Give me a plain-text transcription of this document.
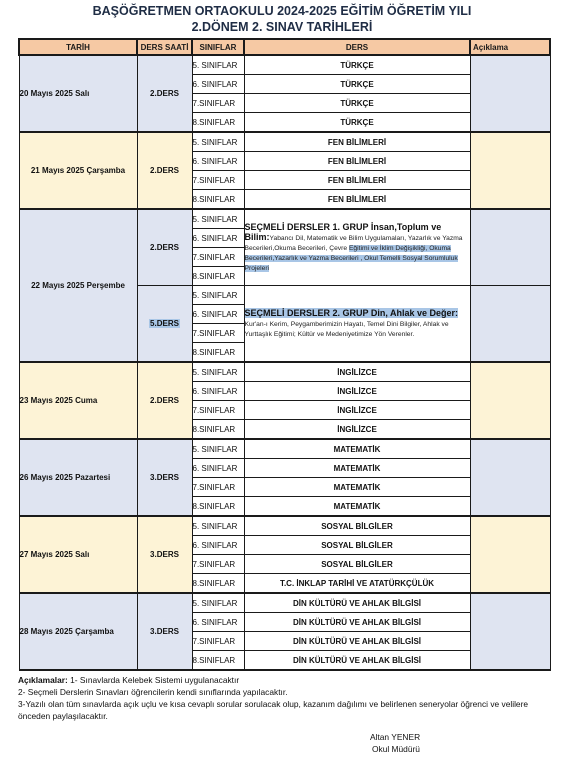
BAŞÖĞRETMEN ORTAOKULU 2024-2025 EĞİTİM ÖĞRETİM YILI
2.DÖNEM 2. SINAV TARİHLERİ
TARİH	DERS SAATİ	SINIFLAR	DERS	Açıklama
20 Mayıs 2025 Salı	2.DERS	5. SINIFLAR	TÜRKÇE	
		6. SINIFLAR	TÜRKÇE	
		7.SINIFLAR	TÜRKÇE	
		8.SINIFLAR	TÜRKÇE	
21 Mayıs 2025 Çarşamba	2.DERS	5. SINIFLAR	FEN BİLİMLERİ	
		6. SINIFLAR	FEN BİLİMLERİ	
		7.SINIFLAR	FEN BİLİMLERİ	
		8.SINIFLAR	FEN BİLİMLERİ	
22 Mayıs 2025 Perşembe	2.DERS	5. SINIFLAR	SEÇMELİ DERSLER 1. GRUP İnsan,Toplum ve Bilim:Yabancı Dil, Matematik ve Bilim Uygulamaları, Yazarlık ve Yazma Becerileri,Okuma Becerileri, Çevre Eğitimi ve İklim Değişikliği, Okuma Becerileri,Yazarlık ve Yazma Becerileri , Okul Temelli Sosyal Sorumluluk Projeleri	
		6. SINIFLAR		
		7.SINIFLAR		
		8.SINIFLAR		
	5.DERS	5. SINIFLAR	SEÇMELİ DERSLER 2. GRUP Din, Ahlak ve Değer:
Kur'an-ı Kerim, Peygamberimizin Hayatı, Temel Dini Bilgiler, Ahlak ve Yurttaşlık Eğitimi; Kültür ve Medeniyetimize Yön Verenler.	
		6. SINIFLAR		
		7.SINIFLAR		
		8.SINIFLAR		
23 Mayıs 2025 Cuma	2.DERS	5. SINIFLAR	İNGİLİZCE	
		6. SINIFLAR	İNGİLİZCE	
		7.SINIFLAR	İNGİLİZCE	
		8.SINIFLAR	İNGİLİZCE	
26 Mayıs 2025 Pazartesi	3.DERS	5. SINIFLAR	MATEMATİK	
		6. SINIFLAR	MATEMATİK	
		7.SINIFLAR	MATEMATİK	
		8.SINIFLAR	MATEMATİK	
27 Mayıs 2025 Salı	3.DERS	5. SINIFLAR	SOSYAL BİLGİLER	
		6. SINIFLAR	SOSYAL BİLGİLER	
		7.SINIFLAR	SOSYAL BİLGİLER	
		8.SINIFLAR	T.C. İNKLAP TARİHİ VE ATATÜRKÇÜLÜK	
28 Mayıs 2025 Çarşamba	3.DERS	5. SINIFLAR	DİN KÜLTÜRÜ VE AHLAK BİLGİSİ	
		6. SINIFLAR	DİN KÜLTÜRÜ VE AHLAK BİLGİSİ	
		7.SINIFLAR	DİN KÜLTÜRÜ VE AHLAK BİLGİSİ	
		8.SINIFLAR	DİN KÜLTÜRÜ VE AHLAK BİLGİSİ	
Açıklamalar: 1- Sınavlarda Kelebek Sistemi uygulanacaktır
2- Seçmeli Derslerin Sınavları öğrencilerin kendi sınıflarında yapılacaktır.
3-Yazılı olan tüm sınavlarda açık uçlu ve kısa cevaplı sorular sorulacak olup, kazanım dağılımı ve belirlenen seneryolar öğrenci ve velilere önceden paylaşılacaktır.
Altan YENER
Okul Müdürü
